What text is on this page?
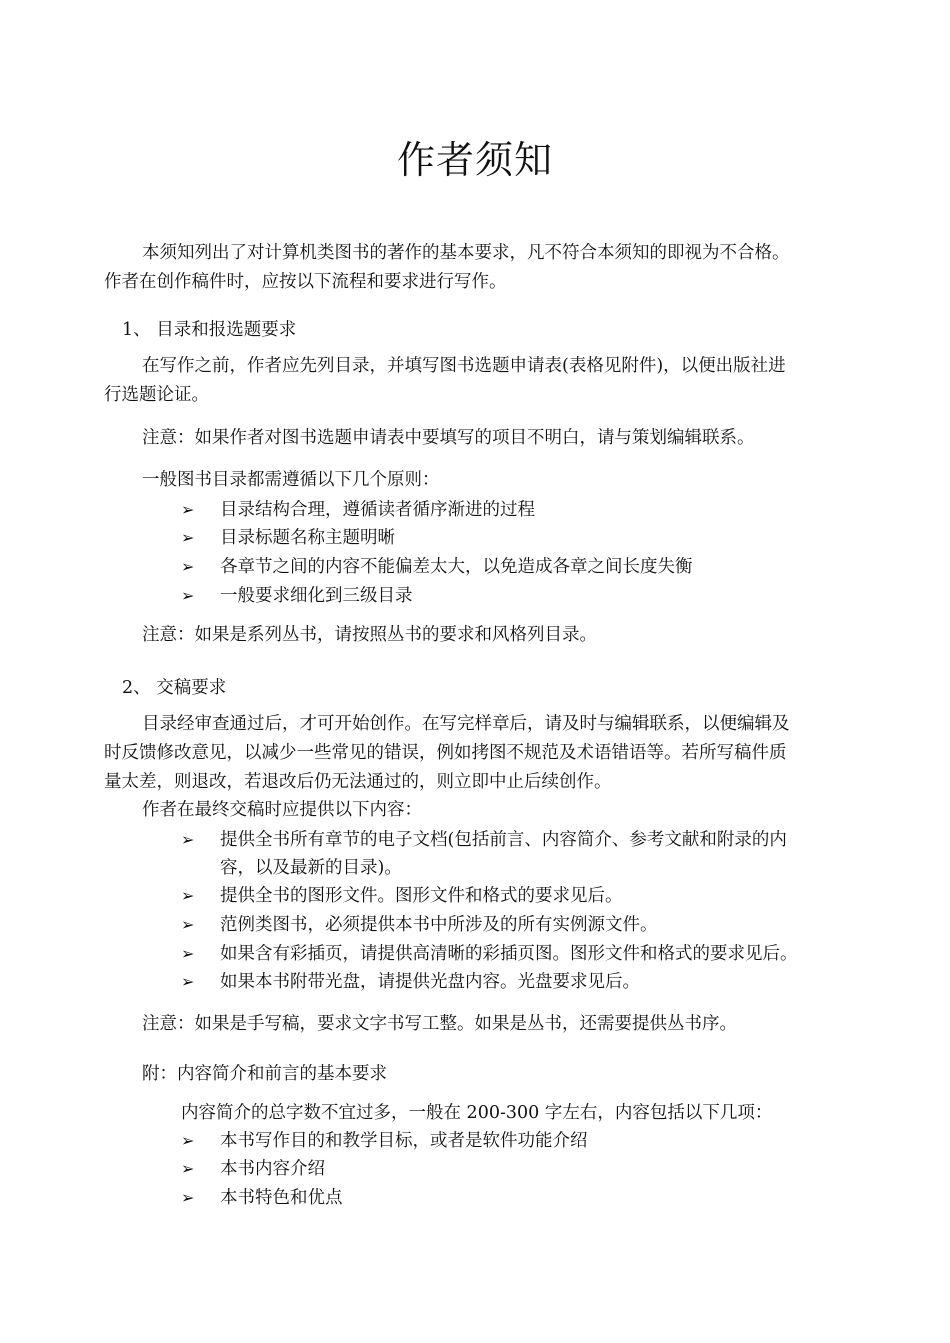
作者须知
本须知列出了对计算机类图书的著作的基本要求，凡不符合本须知的即视为不合格。
作者在创作稿件时，应按以下流程和要求进行写作。
1、 目录和报选题要求
在写作之前，作者应先列目录，并填写图书选题申请表(表格见附件)，以便出版社进
行选题论证。
注意：如果作者对图书选题申请表中要填写的项目不明白，请与策划编辑联系。
一般图书目录都需遵循以下几个原则：
➢ 目录结构合理，遵循读者循序渐进的过程
➢ 目录标题名称主题明晰
➢ 各章节之间的内容不能偏差太大，以免造成各章之间长度失衡
➢ 一般要求细化到三级目录
注意：如果是系列丛书，请按照丛书的要求和风格列目录。
2、 交稿要求
目录经审查通过后，才可开始创作。在写完样章后，请及时与编辑联系，以便编辑及
时反馈修改意见，以减少一些常见的错误，例如拷图不规范及术语错语等。若所写稿件质
量太差，则退改，若退改后仍无法通过的，则立即中止后续创作。
作者在最终交稿时应提供以下内容：
➢ 提供全书所有章节的电子文档(包括前言、内容简介、参考文献和附录的内
容，以及最新的目录)。
➢ 提供全书的图形文件。图形文件和格式的要求见后。
➢ 范例类图书，必须提供本书中所涉及的所有实例源文件。
➢ 如果含有彩插页，请提供高清晰的彩插页图。图形文件和格式的要求见后。
➢ 如果本书附带光盘，请提供光盘内容。光盘要求见后。
注意：如果是手写稿，要求文字书写工整。如果是丛书，还需要提供丛书序。
附：内容简介和前言的基本要求
内容简介的总字数不宜过多，一般在 200-300 字左右，内容包括以下几项：
➢ 本书写作目的和教学目标，或者是软件功能介绍
➢ 本书内容介绍
➢ 本书特色和优点
